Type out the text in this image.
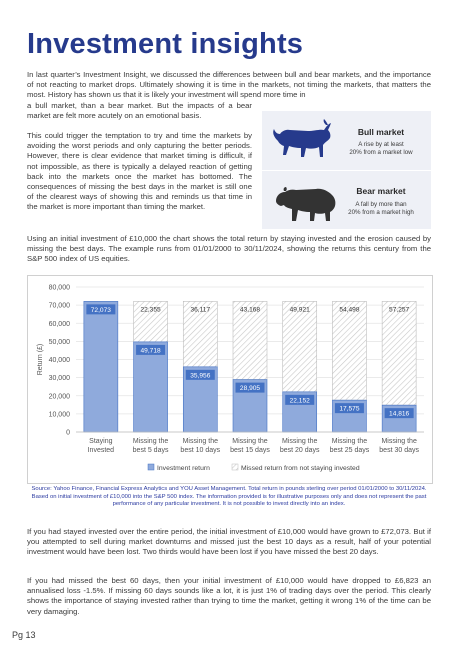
Investment insights

In last quarter’s Investment Insight, we discussed the differences between bull and bear markets, and the importance of not reacting to market drops. Ultimately showing it is time in the markets, not timing the markets, that matters the most. History has shown us that it is likely your investment will spend more time in

a bull market, than a bear market. But the impacts of a bear market are felt more acutely on an emotional basis.

This could trigger the temptation to try and time the markets by avoiding the worst periods and only capturing the better periods. However, there is clear evidence that market timing is difficult, if not impossible, as there is typically a delayed reaction of getting back into the markets once the market has bottomed. The consequences of missing the best days in the market is still one of the clearest ways of showing this and reminds us that time in the market is more important than timing the market.

Bull market
A rise by at least
20% from a market low
Bear market
A fall by more than
20% from a market high

Using an initial investment of £10,000 the chart shows the total return by staying invested and the erosion caused by missing the best days. The example runs from 01/01/2000 to 30/11/2024, showing the returns this century from the S&P 500 index of US equities.

0
10,000
20,000
30,000
40,000
50,000
60,000
70,000
80,000
Return (£)
72,073
Staying
Invested
22,355
49,718
Missing the
best 5 days
36,117
35,956
Missing the
best 10 days
43,168
28,905
Missing the
best 15 days
49,921
22,152
Missing the
best 20 days
54,498
17,575
Missing the
best 25 days
57,257
14,816
Missing the
best 30 days
Investment return	Missed return from not staying invested
Source: Yahoo Finance, Financial Express Analytics and YOU Asset Management. Total return in pounds sterling over period 01/01/2000 to 30/11/2024. Based on initial investment of £10,000 into the S&P 500 index. The information provided is for illustrative purposes only and does not represent the past performance of any particular investment. It is not possible to invest directly into an index.

If you had stayed invested over the entire period, the initial investment of £10,000 would have grown to £72,073. But if you attempted to sell during market downturns and missed just the best 10 days as a result, half of your potential investment would have been lost. Two thirds would have been lost if you have missed the best 20 days.

If you had missed the best 60 days, then your initial investment of £10,000 would have dropped to £6,823 an annualised loss -1.5%. If missing 60 days sounds like a lot, it is just 1% of trading days over the period. This clearly shows the importance of staying invested rather than trying to time the market, getting it wrong 1% of the time can be very damaging.

Pg 13
